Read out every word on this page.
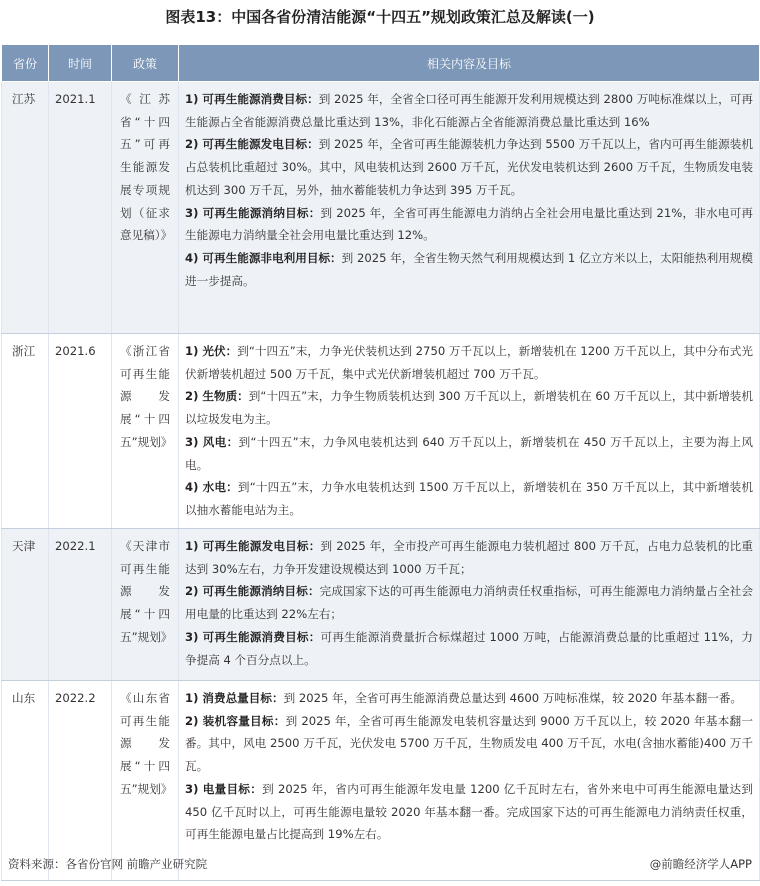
图表13：中国各省份清洁能源“十四五”规划政策汇总及解读(一)
省份	时间	政策	相关内容及目标
江苏	2021.1	《江苏省“十四五”可再生能源发展专项规划（征求意见稿）》	1) 可再生能源消费目标：到 2025 年，全省全口径可再生能源开发利用规模达到 2800 万吨标准煤以上，可再生能源占全省能源消费总量比重达到 13%，非化石能源占全省能源消费总量比重达到 16%

2) 可再生能源发电目标：到 2025 年，全省可再生能源装机力争达到 5500 万千瓦以上，省内可再生能源装机占总装机比重超过 30%。其中，风电装机达到 2600 万千瓦，光伏发电装机达到 2600 万千瓦，生物质发电装机达到 300 万千瓦，另外，抽水蓄能装机力争达到 395 万千瓦。

3) 可再生能源消纳目标：到 2025 年，全省可再生能源电力消纳占全社会用电量比重达到 21%，非水电可再生能源电力消纳量全社会用电量比重达到 12%。

4) 可再生能源非电利用目标：到 2025 年，全省生物天然气利用规模达到 1 亿立方米以上，太阳能热利用规模进一步提高。

浙江	2021.6	《浙江省可再生能源发展“十四五”规划》	1) 光伏：到“十四五”末，力争光伏装机达到 2750 万千瓦以上，新增装机在 1200 万千瓦以上，其中分布式光伏新增装机超过 500 万千瓦，集中式光伏新增装机超过 700 万千瓦。

2) 生物质：到“十四五”末，力争生物质装机达到 300 万千瓦以上，新增装机在 60 万千瓦以上，其中新增装机以垃圾发电为主。

3) 风电：到“十四五”末，力争风电装机达到 640 万千瓦以上，新增装机在 450 万千瓦以上，主要为海上风电。

4) 水电：到“十四五”末，力争水电装机达到 1500 万千瓦以上，新增装机在 350 万千瓦以上，其中新增装机以抽水蓄能电站为主。

天津	2022.1	《天津市可再生能源发展“十四五”规划》	1) 可再生能源发电目标：到 2025 年，全市投产可再生能源电力装机超过 800 万千瓦，占电力总装机的比重达到 30%左右，力争开发建设规模达到 1000 万千瓦；

2) 可再生能源消纳目标：完成国家下达的可再生能源电力消纳责任权重指标，可再生能源电力消纳量占全社会用电量的比重达到 22%左右；

3) 可再生能源消费目标：可再生能源消费量折合标煤超过 1000 万吨，占能源消费总量的比重超过 11%，力争提高 4 个百分点以上。

山东	2022.2	《山东省可再生能源发展“十四五”规划》	1) 消费总量目标：到 2025 年，全省可再生能源消费总量达到 4600 万吨标准煤，较 2020 年基本翻一番。

2) 装机容量目标：到 2025 年，全省可再生能源发电装机容量达到 9000 万千瓦以上，较 2020 年基本翻一番。其中，风电 2500 万千瓦，光伏发电 5700 万千瓦，生物质发电 400 万千瓦，水电(含抽水蓄能)400 万千瓦。

3) 电量目标：到 2025 年，省内可再生能源年发电量 1200 亿千瓦时左右，省外来电中可再生能源电量达到 450 亿千瓦时以上，可再生能源电量较 2020 年基本翻一番。完成国家下达的可再生能源电力消纳责任权重，可再生能源电量占比提高到 19%左右。

资料来源：各省份官网 前瞻产业研究院	@前瞻经济学人APP
